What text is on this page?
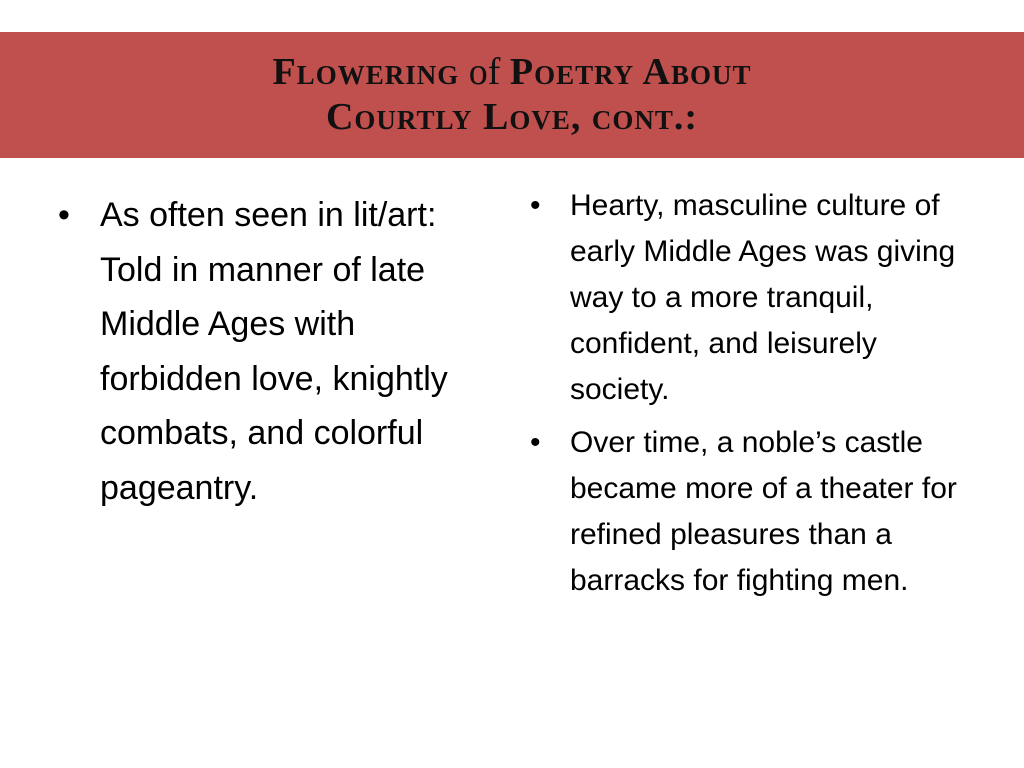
Flowering of Poetry About
Courtly Love, cont.:
• As often seen in lit/art: Told in manner of late Middle Ages with forbidden love, knightly combats, and colorful pageantry.
• Hearty, masculine culture of early Middle Ages was giving way to a more tranquil, confident, and leisurely society.
• Over time, a noble’s castle became more of a theater for refined pleasures than a barracks for fighting men.
